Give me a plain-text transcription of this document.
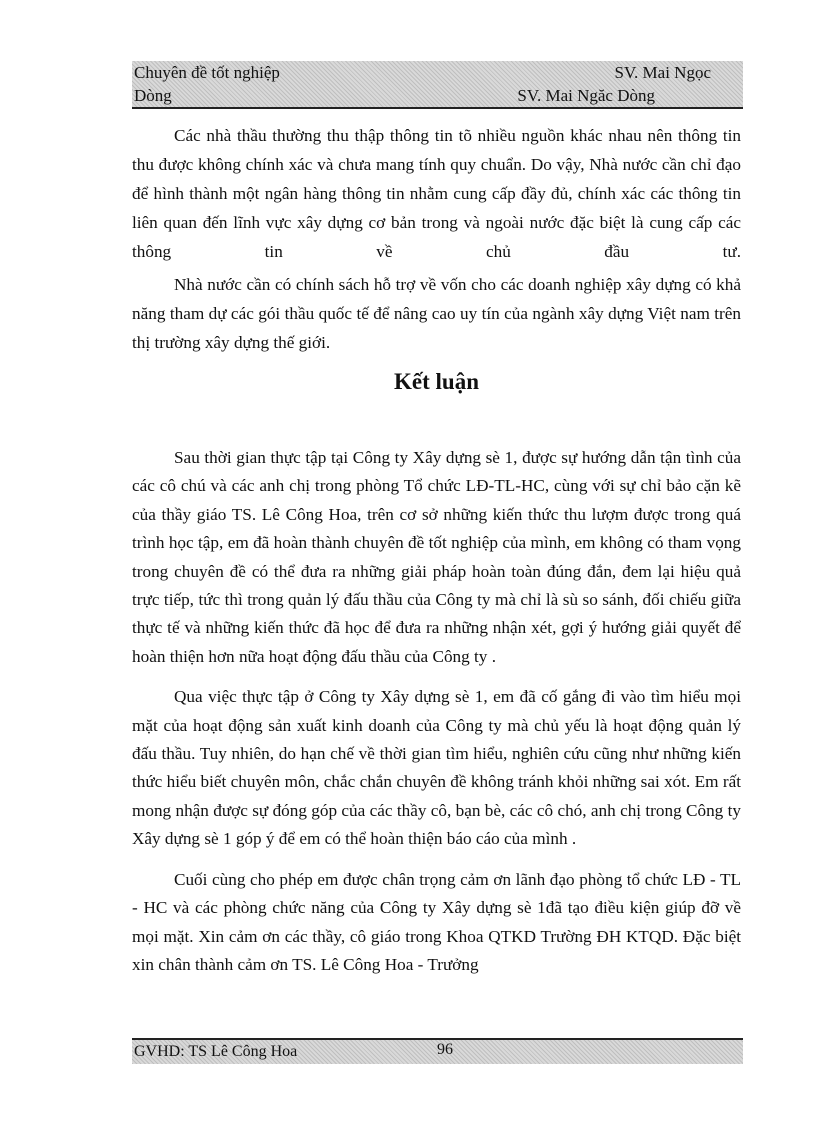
Chuyên đề tốt nghiệp	SV. Mai Ngọc
Dòng	SV. Mai Ngăc Dòng

Các nhà thầu thường thu thập thông tin tõ nhiều nguồn khác nhau nên thông tin thu được không chính xác và chưa mang tính quy chuẩn. Do vậy, Nhà nước cần chỉ đạo để hình thành một ngân hàng thông tin nhằm cung cấp đầy đủ, chính xác các thông tin liên quan đến lĩnh vực xây dựng cơ bản trong và ngoài nước đặc biệt là cung cấp các thông tin về chủ đầu tư.

Nhà nước cần có chính sách hỗ trợ về vốn cho các doanh nghiệp xây dựng có khả năng tham dự các gói thầu quốc tế để nâng cao uy tín của ngành xây dựng Việt nam trên thị trường xây dựng thế giới.

Kết luận

Sau thời gian thực tập tại Công ty Xây dựng sè 1, được sự hướng dẫn tận tình của các cô chú và các anh chị trong phòng Tổ chức LĐ-TL-HC, cùng với sự chỉ bảo cặn kẽ của thầy giáo TS. Lê Công Hoa, trên cơ sở những kiến thức thu lượm được trong quá trình học tập, em đã hoàn thành chuyên đề tốt nghiệp của mình, em không có tham vọng trong chuyên đề có thể đưa ra những giải pháp hoàn toàn đúng đắn, đem lại hiệu quả trực tiếp, tức thì trong quản lý đấu thầu của Công ty mà chỉ là sù so sánh, đối chiếu giữa thực tế và những kiến thức đã học để đưa ra những nhận xét, gợi ý hướng giải quyết để hoàn thiện hơn nữa hoạt động đấu thầu của Công ty .

Qua việc thực tập ở Công ty Xây dựng sè 1, em đã cố gắng đi vào tìm hiểu mọi mặt của hoạt động sản xuất kinh doanh của Công ty mà chủ yếu là hoạt động quản lý đấu thầu. Tuy nhiên, do hạn chế về thời gian tìm hiểu, nghiên cứu cũng như những kiến thức hiểu biết chuyên môn, chắc chắn chuyên đề không tránh khỏi những sai xót. Em rất mong nhận được sự đóng góp của các thầy cô, bạn bè, các cô chó, anh chị trong Công ty Xây dựng sè 1 góp ý để em có thể hoàn thiện báo cáo của mình .

Cuối cùng cho phép em được chân trọng cảm ơn lãnh đạo phòng tổ chức LĐ - TL - HC và các phòng chức năng của Công ty Xây dựng sè 1đã tạo điều kiện giúp đỡ về mọi mặt. Xin cảm ơn các thầy, cô giáo trong Khoa QTKD Trường ĐH KTQD. Đặc biệt xin chân thành cảm ơn TS. Lê Công Hoa - Trưởng

GVHD: TS Lê Công Hoa	96
